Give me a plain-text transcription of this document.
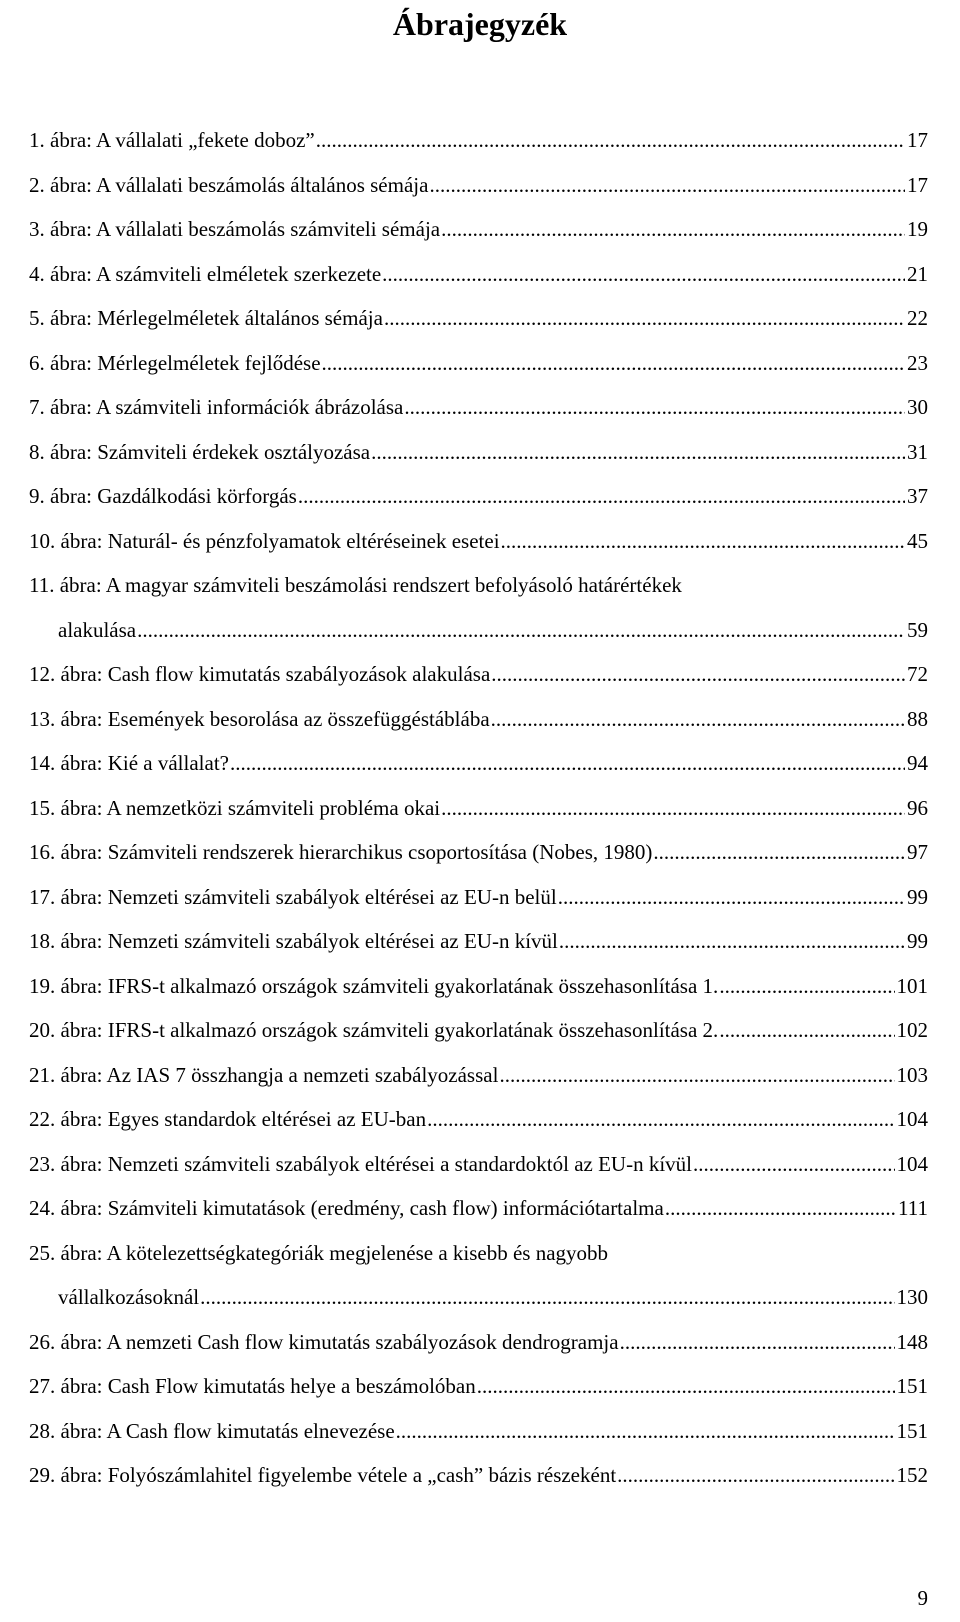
Ábrajegyzék
1. ábra: A vállalati „fekete doboz” .....	17
2. ábra: A vállalati beszámolás általános sémája .....	17
3. ábra: A vállalati beszámolás számviteli sémája .....	19
4. ábra: A számviteli elméletek szerkezete .....	21
5. ábra: Mérlegelméletek általános sémája .....	22
6. ábra: Mérlegelméletek fejlődése .....	23
7. ábra: A számviteli információk ábrázolása .....	30
8. ábra: Számviteli érdekek osztályozása .....	31
9. ábra: Gazdálkodási körforgás .....	37
10. ábra: Naturál- és pénzfolyamatok eltéréseinek esetei .....	45
11. ábra: A magyar számviteli beszámolási rendszert befolyásoló határértékek
alakulása .....	59
12. ábra: Cash flow kimutatás szabályozások alakulása .....	72
13. ábra: Események besorolása az összefüggéstáblába .....	88
14. ábra: Kié a vállalat? .....	94
15. ábra: A nemzetközi számviteli probléma okai .....	96
16. ábra: Számviteli rendszerek hierarchikus csoportosítása (Nobes, 1980) .....	97
17. ábra: Nemzeti számviteli szabályok eltérései az EU-n belül .....	99
18. ábra: Nemzeti számviteli szabályok eltérései az EU-n kívül .....	99
19. ábra: IFRS-t alkalmazó országok számviteli gyakorlatának összehasonlítása 1. .....	101
20. ábra: IFRS-t alkalmazó országok számviteli gyakorlatának összehasonlítása 2. .....	102
21. ábra: Az IAS 7 összhangja a nemzeti szabályozással .....	103
22. ábra: Egyes standardok eltérései az EU-ban .....	104
23. ábra: Nemzeti számviteli szabályok eltérései a standardoktól az EU-n kívül .....	104
24. ábra: Számviteli kimutatások (eredmény, cash flow) információtartalma .....	111
25. ábra: A kötelezettségkategóriák megjelenése a kisebb és nagyobb
vállalkozásoknál .....	130
26. ábra: A nemzeti Cash flow kimutatás szabályozások dendrogramja .....	148
27. ábra: Cash Flow kimutatás helye a beszámolóban .....	151
28. ábra: A Cash flow kimutatás elnevezése .....	151
29. ábra: Folyószámlahitel figyelembe vétele a „cash” bázis részeként .....	152
9
